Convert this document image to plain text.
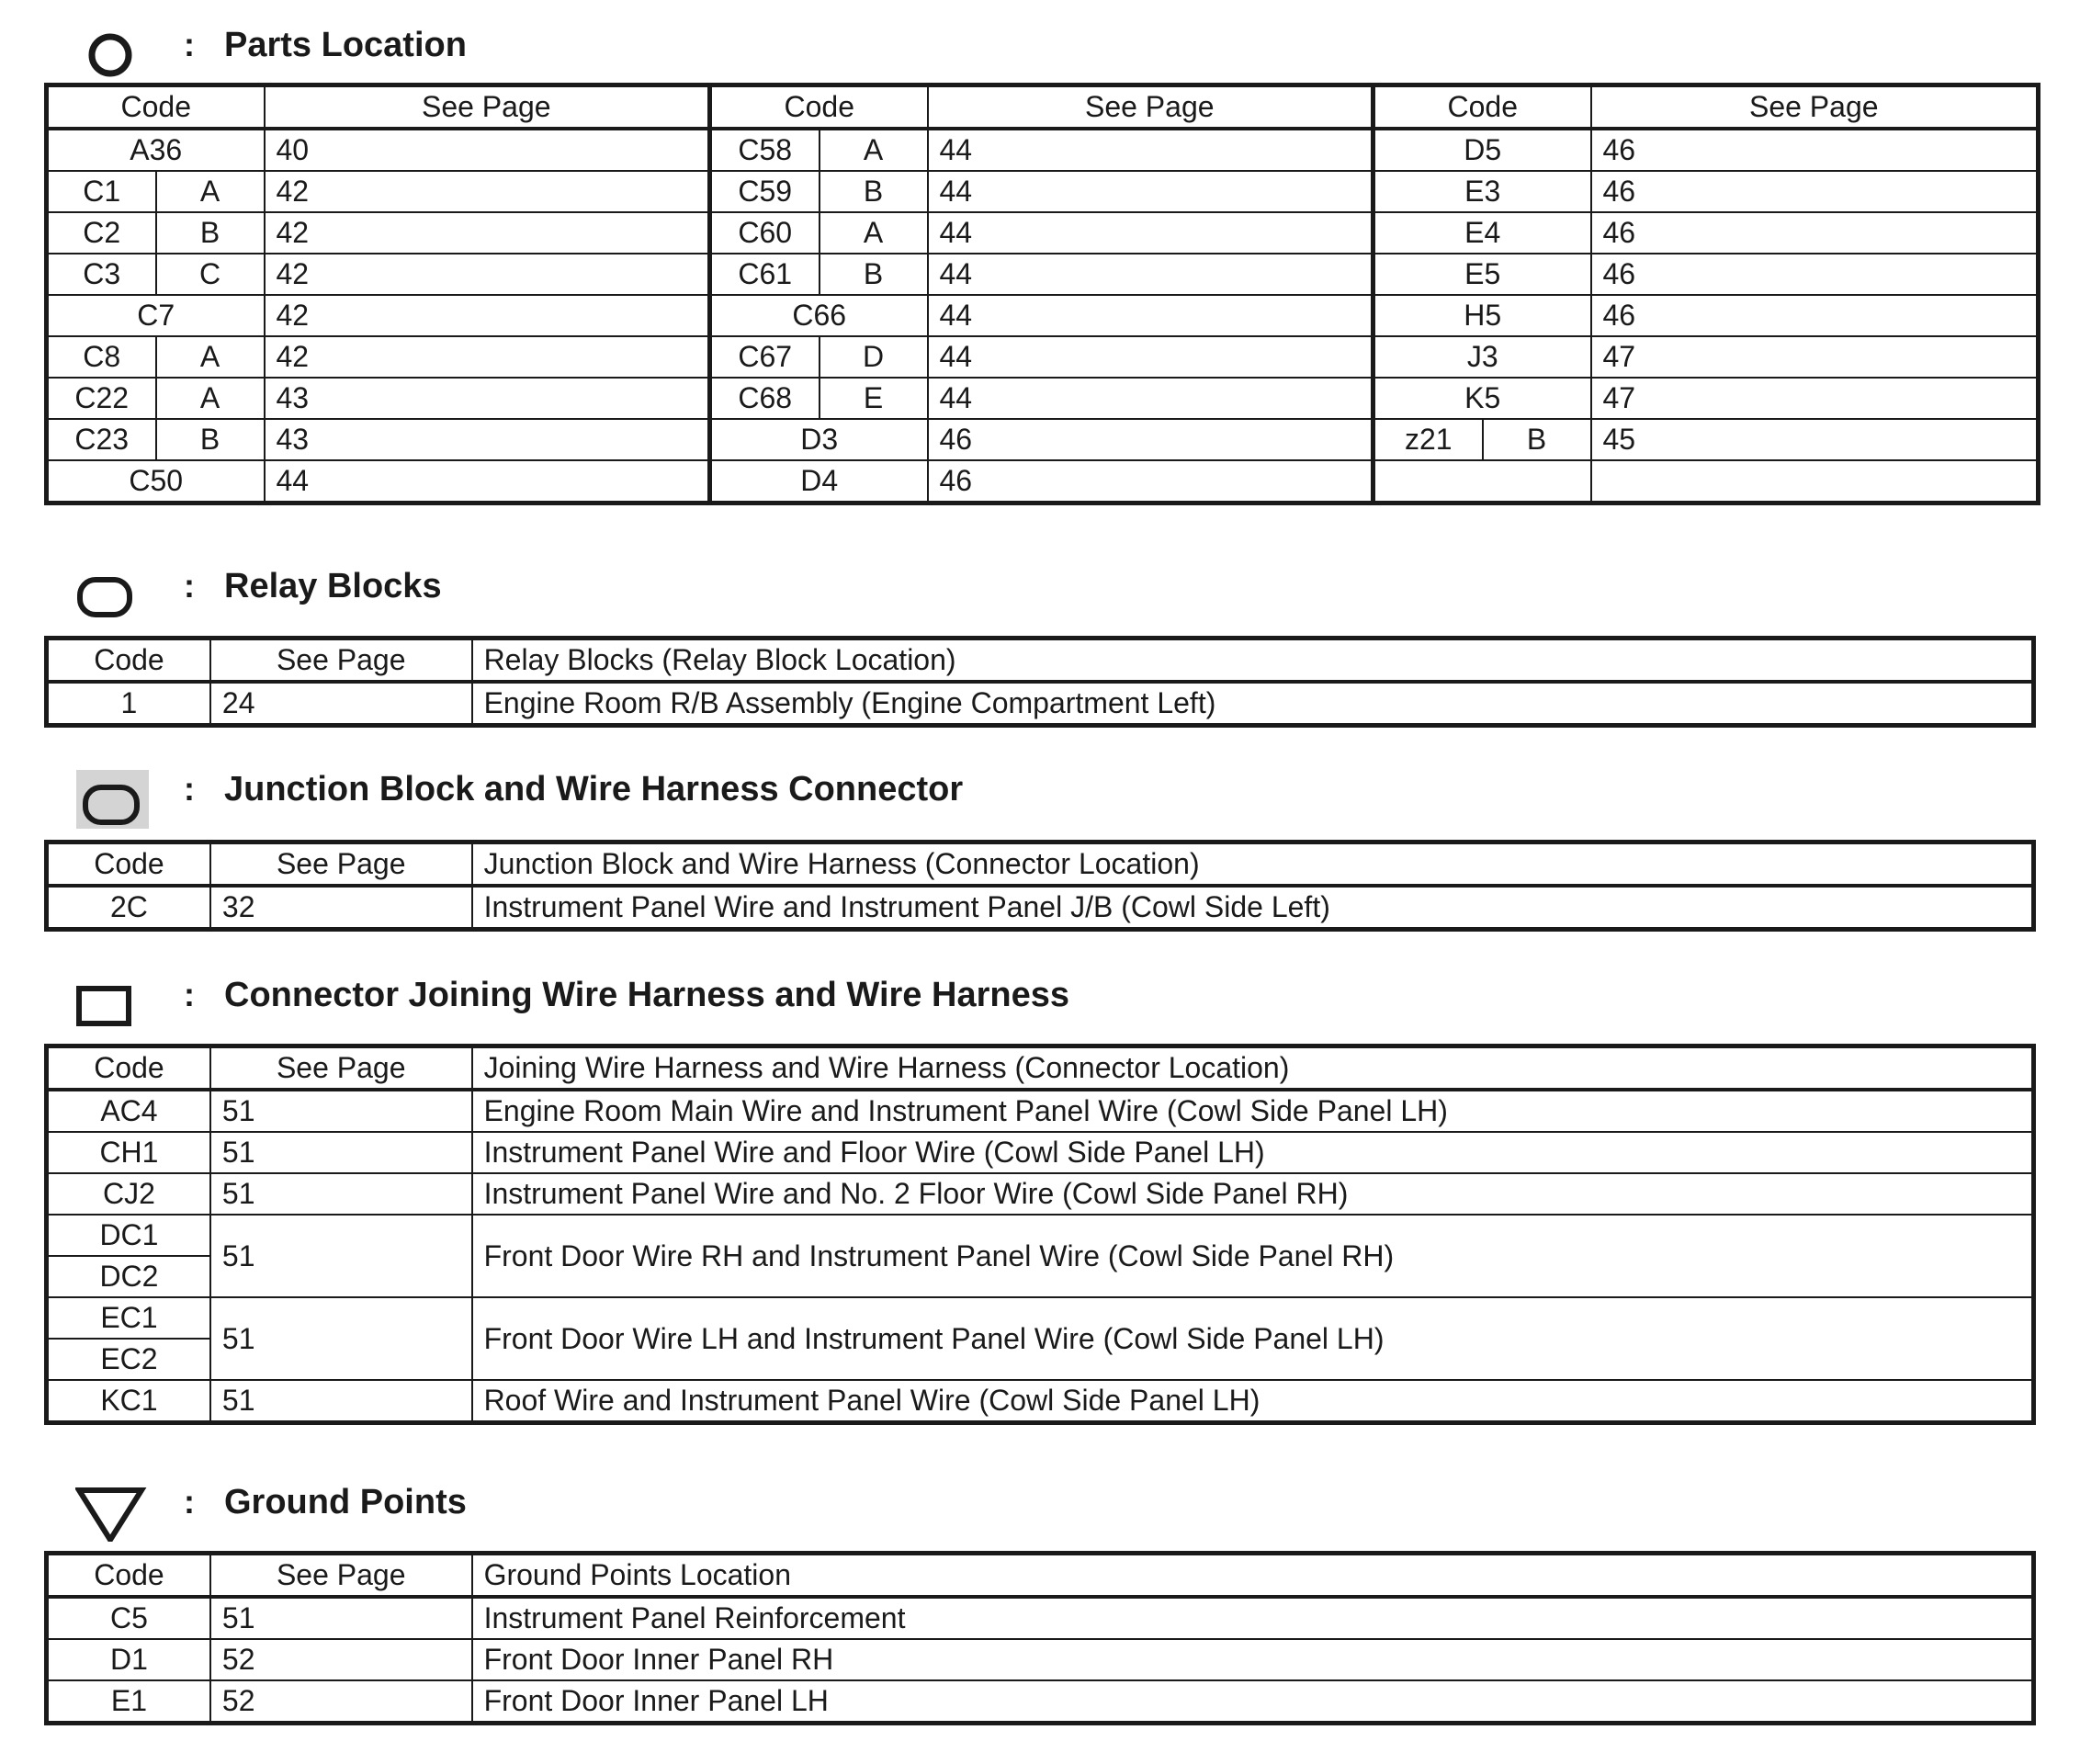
: Parts Location
Code		See Page	Code		See Page	Code		See Page
A36		40	C58	A	44	D5		46
C1	A	42	C59	B	44	E3		46
C2	B	42	C60	A	44	E4		46
C3	C	42	C61	B	44	E5		46
C7		42	C66		44	H5		46
C8	A	42	C67	D	44	J3		47
C22	A	43	C68	E	44	K5		47
C23	B	43	D3		46	z21	B	45
C50		44	D4		46			
: Relay Blocks
Code	See Page	Relay Blocks (Relay Block Location)
1	24	Engine Room R/B Assembly (Engine Compartment Left)
: Junction Block and Wire Harness Connector
Code	See Page	Junction Block and Wire Harness (Connector Location)
2C	32	Instrument Panel Wire and Instrument Panel J/B (Cowl Side Left)
: Connector Joining Wire Harness and Wire Harness
Code	See Page	Joining Wire Harness and Wire Harness (Connector Location)
AC4	51	Engine Room Main Wire and Instrument Panel Wire (Cowl Side Panel LH)
CH1	51	Instrument Panel Wire and Floor Wire (Cowl Side Panel LH)
CJ2	51	Instrument Panel Wire and No. 2 Floor Wire (Cowl Side Panel RH)
DC1	51	Front Door Wire RH and Instrument Panel Wire (Cowl Side Panel RH)
DC2		
EC1	51	Front Door Wire LH and Instrument Panel Wire (Cowl Side Panel LH)
EC2		
KC1	51	Roof Wire and Instrument Panel Wire (Cowl Side Panel LH)
: Ground Points
Code	See Page	Ground Points Location
C5	51	Instrument Panel Reinforcement
D1	52	Front Door Inner Panel RH
E1	52	Front Door Inner Panel LH
